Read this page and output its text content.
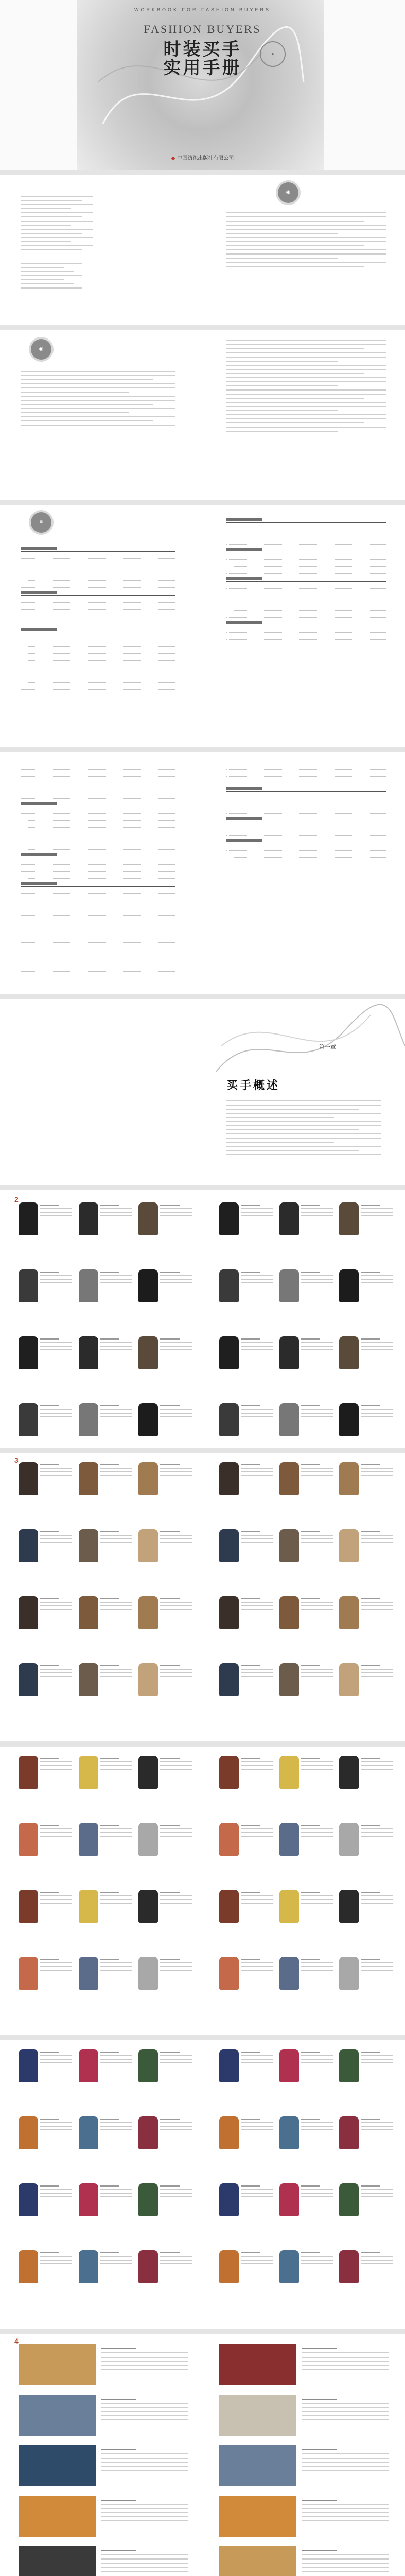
WORKBOOK FOR FASHION BUYERS
FASHION BUYERS
时装买手
实用手册
●
◆ 中国纺织出版社有限公司
◉
◉
≡
第一章
买手概述
2
3
4
